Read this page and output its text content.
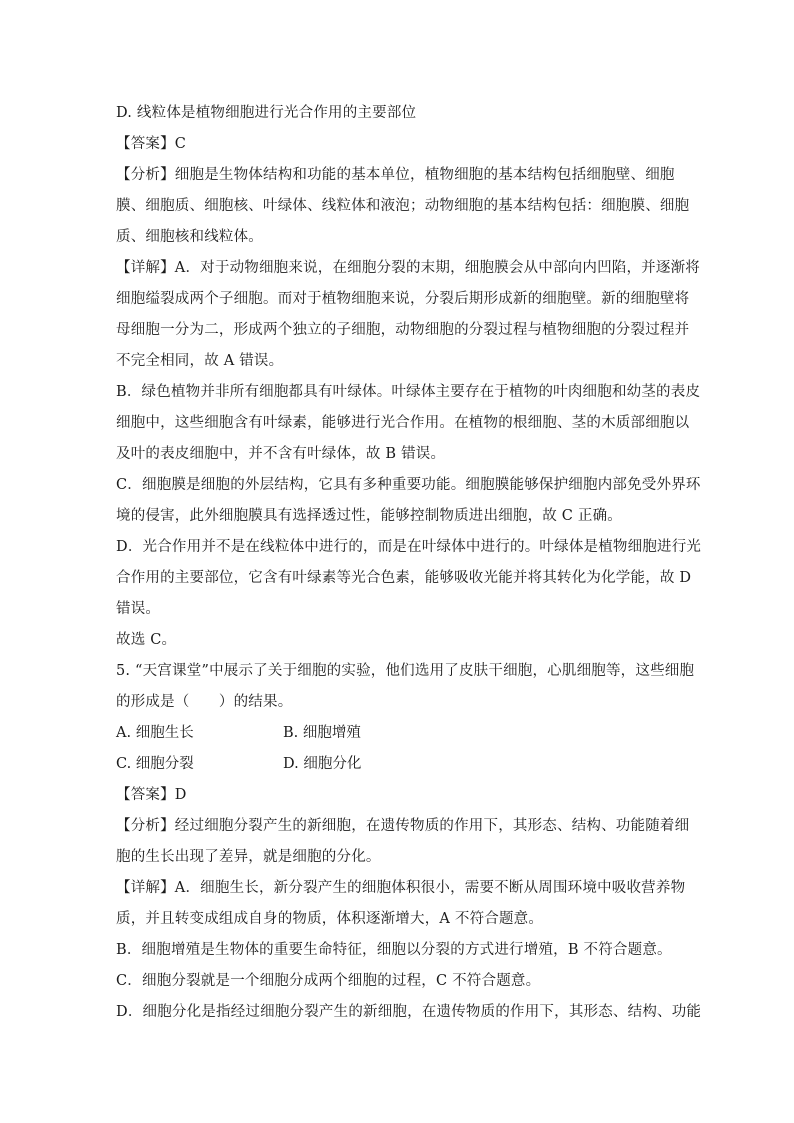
D. 线粒体是植物细胞进行光合作用的主要部位
【答案】C
【分析】细胞是生物体结构和功能的基本单位，植物细胞的基本结构包括细胞壁、细胞
膜、细胞质、细胞核、叶绿体、线粒体和液泡；动物细胞的基本结构包括：细胞膜、细胞
质、细胞核和线粒体。
【详解】A．对于动物细胞来说，在细胞分裂的末期，细胞膜会从中部向内凹陷，并逐渐将
细胞缢裂成两个子细胞。而对于植物细胞来说，分裂后期形成新的细胞壁。新的细胞壁将
母细胞一分为二，形成两个独立的子细胞，动物细胞的分裂过程与植物细胞的分裂过程并
不完全相同，故 A 错误。
B．绿色植物并非所有细胞都具有叶绿体。叶绿体主要存在于植物的叶肉细胞和幼茎的表皮
细胞中，这些细胞含有叶绿素，能够进行光合作用。在植物的根细胞、茎的木质部细胞以
及叶的表皮细胞中，并不含有叶绿体，故 B 错误。
C．细胞膜是细胞的外层结构，它具有多种重要功能。细胞膜能够保护细胞内部免受外界环
境的侵害，此外细胞膜具有选择透过性，能够控制物质进出细胞，故 C 正确。
D．光合作用并不是在线粒体中进行的，而是在叶绿体中进行的。叶绿体是植物细胞进行光
合作用的主要部位，它含有叶绿素等光合色素，能够吸收光能并将其转化为化学能，故 D
错误。
故选 C。
5. “天宫课堂”中展示了关于细胞的实验，他们选用了皮肤干细胞，心肌细胞等，这些细胞
的形成是（　　）的结果。
A. 细胞生长	B. 细胞增殖
C. 细胞分裂	D. 细胞分化
【答案】D
【分析】经过细胞分裂产生的新细胞，在遗传物质的作用下，其形态、结构、功能随着细
胞的生长出现了差异，就是细胞的分化。
【详解】A．细胞生长，新分裂产生的细胞体积很小，需要不断从周围环境中吸收营养物
质，并且转变成组成自身的物质，体积逐渐增大，A 不符合题意。
B．细胞增殖是生物体的重要生命特征，细胞以分裂的方式进行增殖，B 不符合题意。
C．细胞分裂就是一个细胞分成两个细胞的过程，C 不符合题意。
D．细胞分化是指经过细胞分裂产生的新细胞，在遗传物质的作用下，其形态、结构、功能
